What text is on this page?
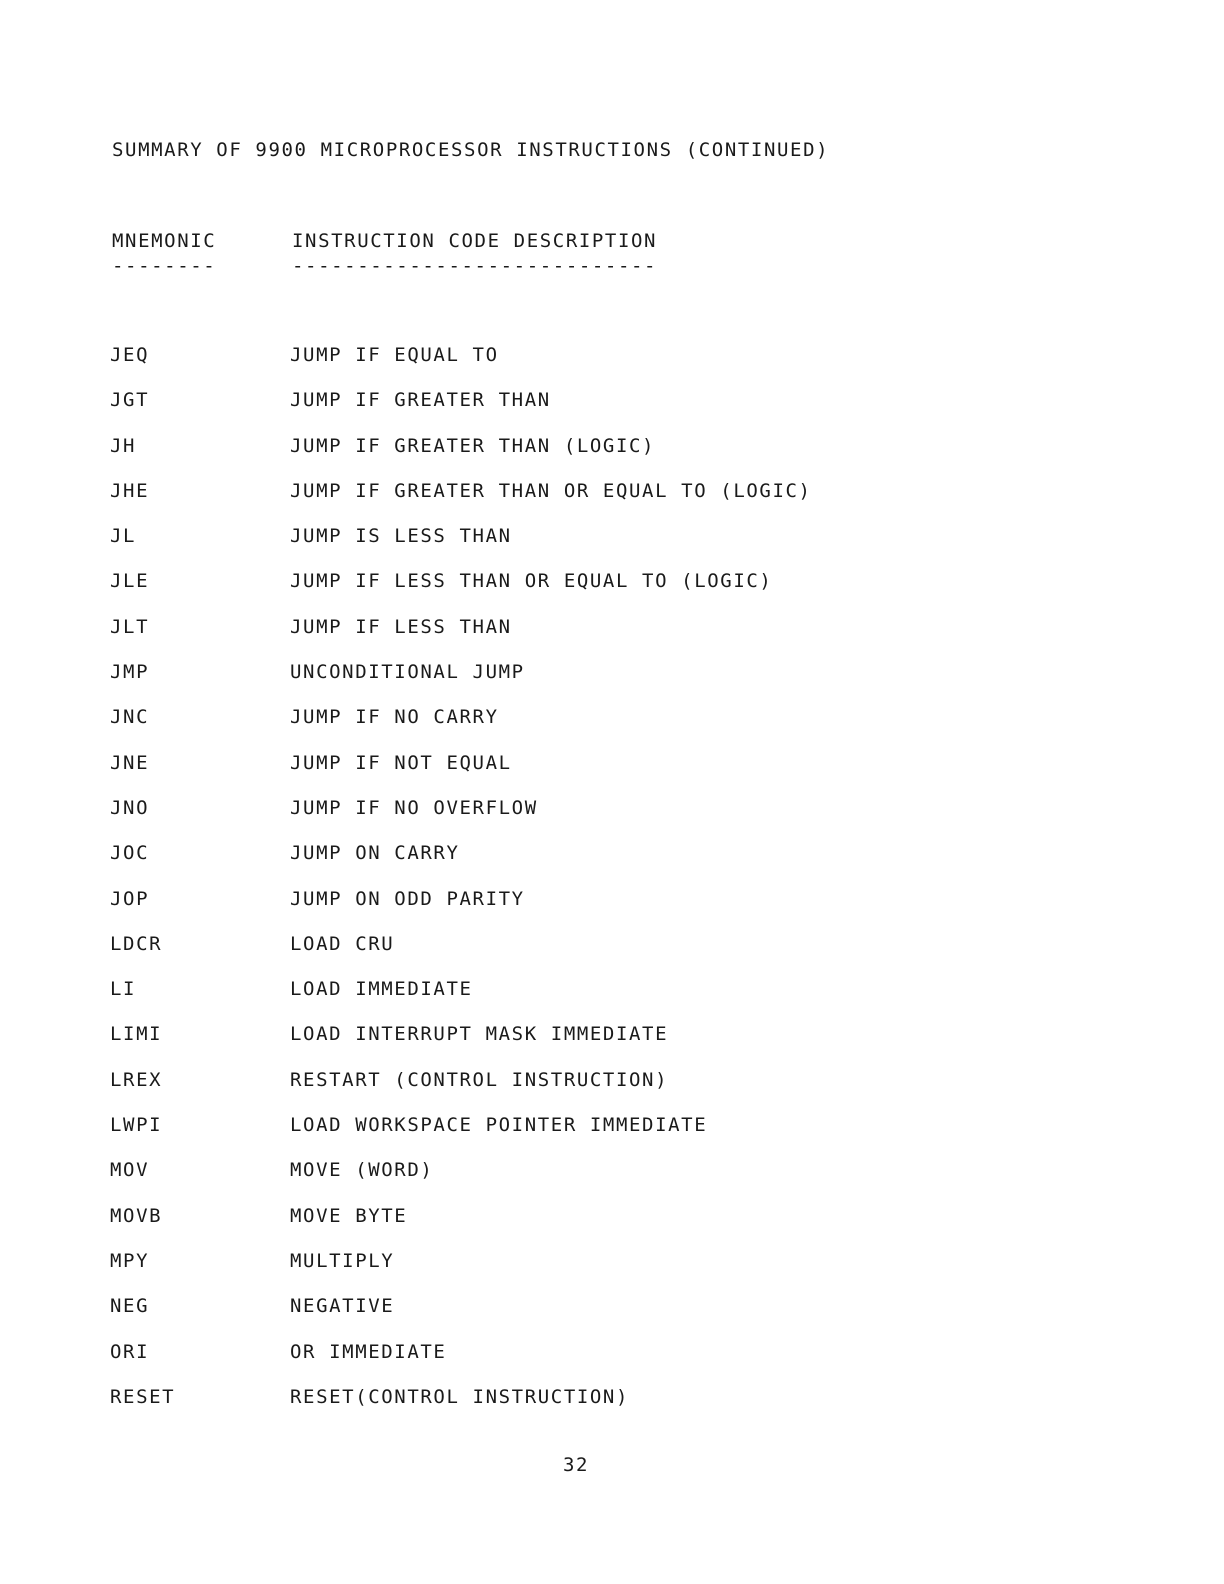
SUMMARY OF 9900 MICROPROCESSOR INSTRUCTIONS (CONTINUED)
MNEMONIC	INSTRUCTION CODE DESCRIPTION
--------	----------------------------
JEQ	JUMP IF EQUAL TO
JGT	JUMP IF GREATER THAN
JH	JUMP IF GREATER THAN (LOGIC)
JHE	JUMP IF GREATER THAN OR EQUAL TO (LOGIC)
JL	JUMP IS LESS THAN
JLE	JUMP IF LESS THAN OR EQUAL TO (LOGIC)
JLT	JUMP IF LESS THAN
JMP	UNCONDITIONAL JUMP
JNC	JUMP IF NO CARRY
JNE	JUMP IF NOT EQUAL
JNO	JUMP IF NO OVERFLOW
JOC	JUMP ON CARRY
JOP	JUMP ON ODD PARITY
LDCR	LOAD CRU
LI	LOAD IMMEDIATE
LIMI	LOAD INTERRUPT MASK IMMEDIATE
LREX	RESTART (CONTROL INSTRUCTION)
LWPI	LOAD WORKSPACE POINTER IMMEDIATE
MOV	MOVE (WORD)
MOVB	MOVE BYTE
MPY	MULTIPLY
NEG	NEGATIVE
ORI	OR IMMEDIATE
RESET	RESET(CONTROL INSTRUCTION)
32
